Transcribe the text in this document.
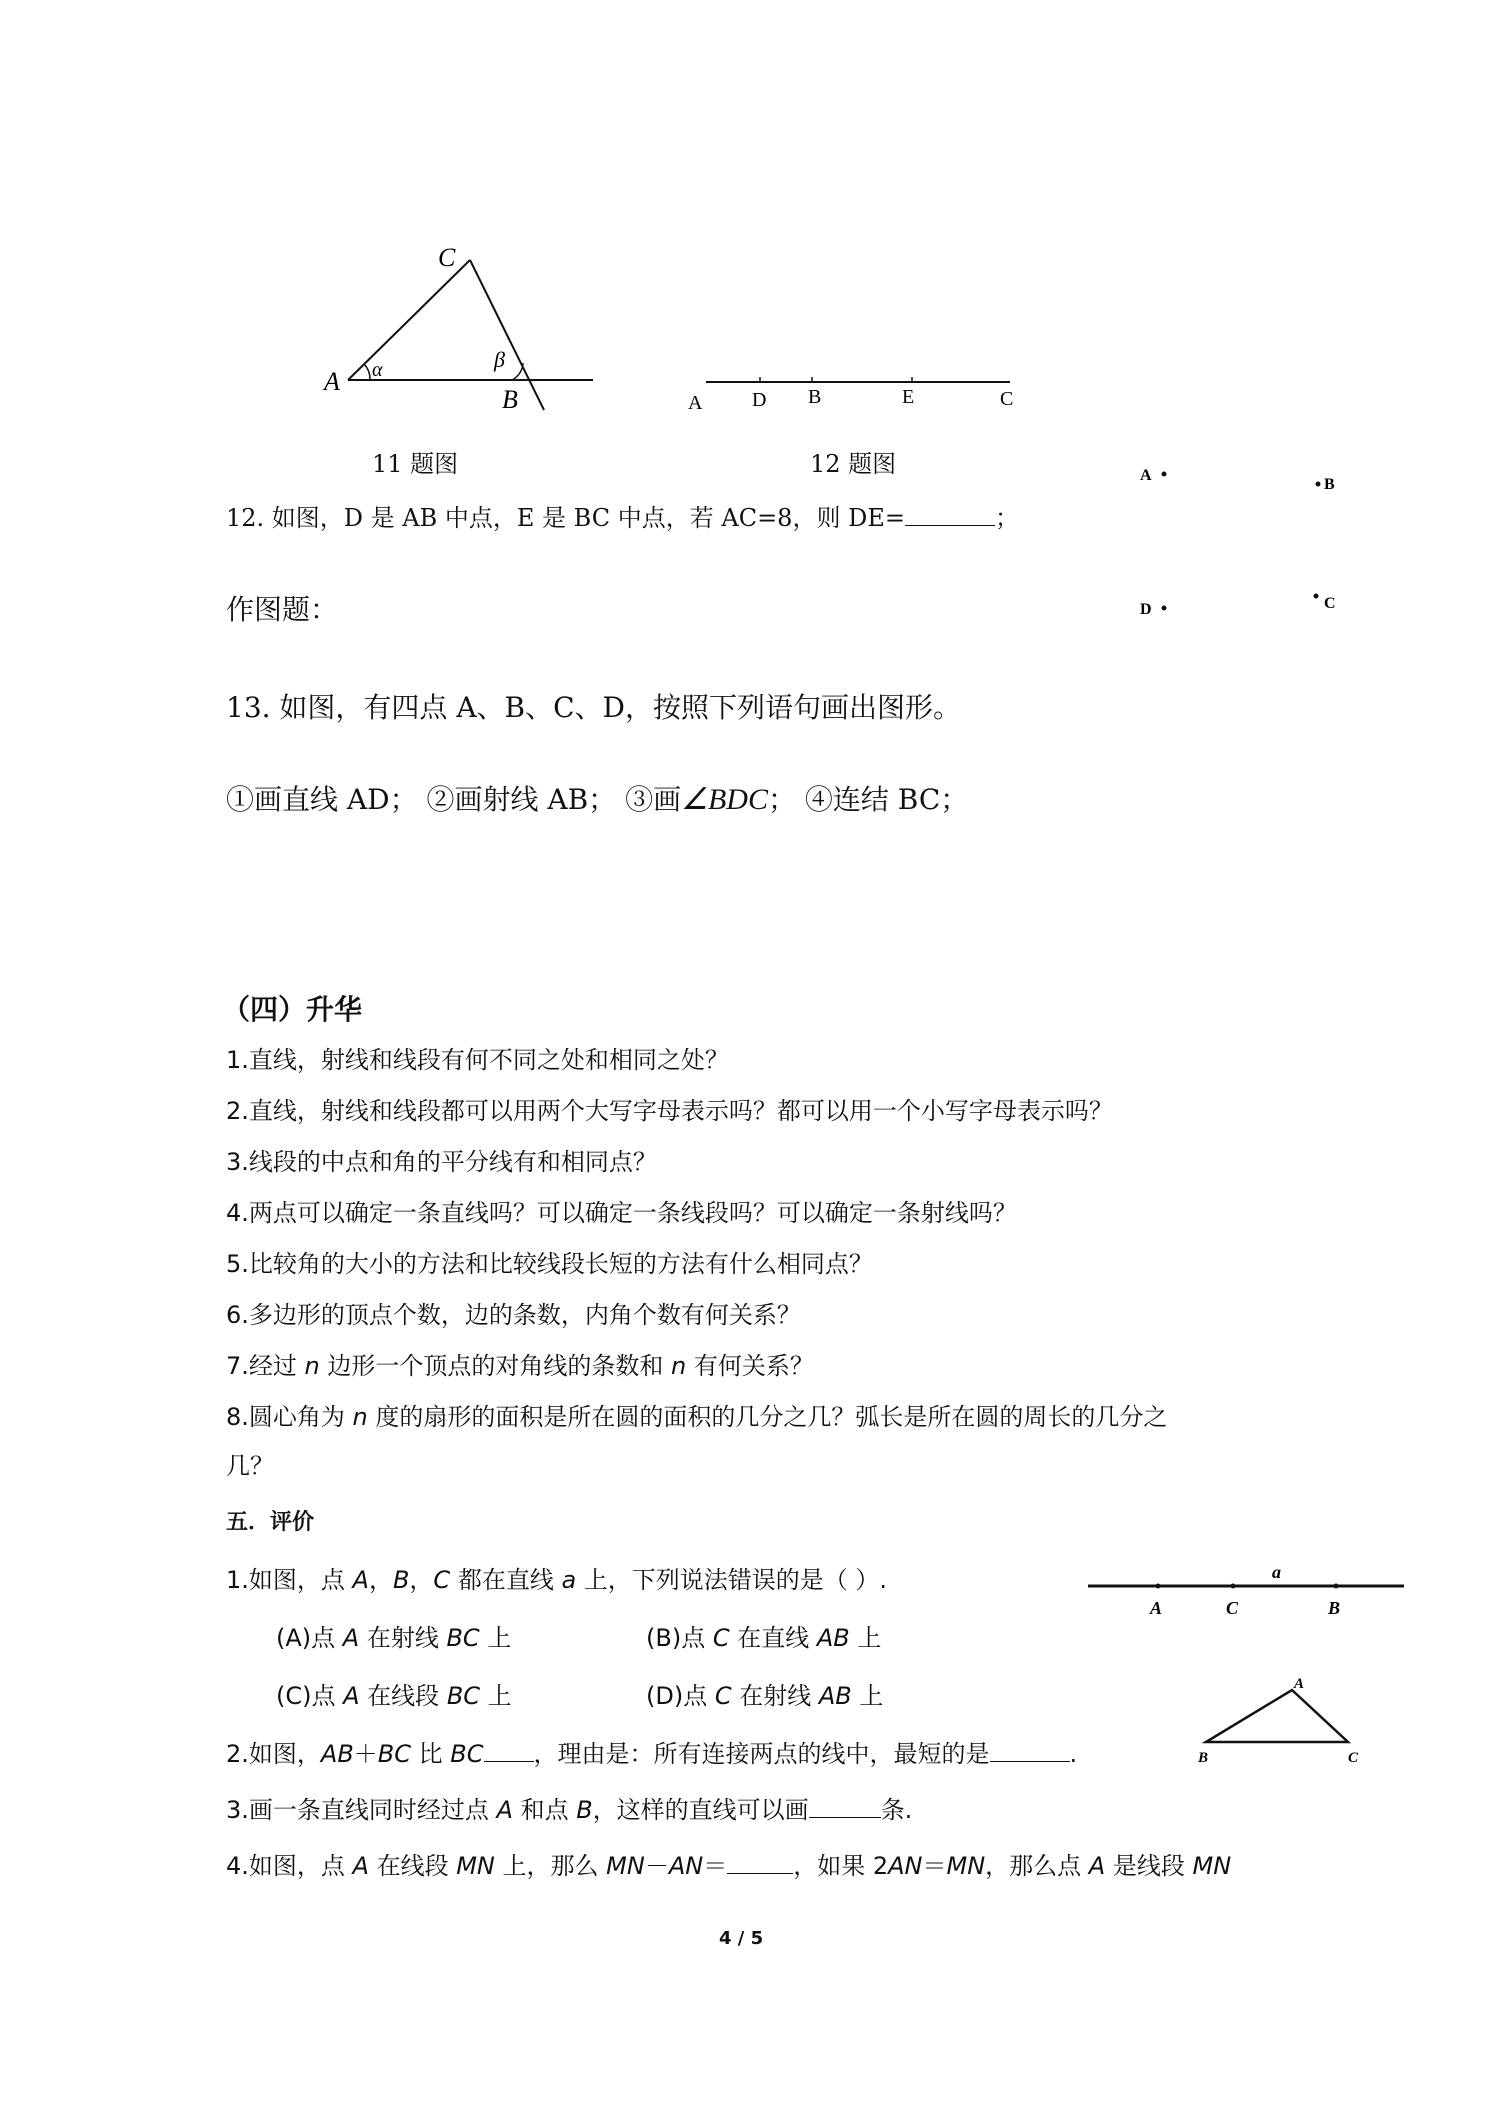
A
B
C
α	β
11 题图
A D B	E	C
12 题图	A
B
D	C
12. 如图，D 是 AB 中点，E 是 BC 中点，若 AC=8，则 DE=	；
作图题：
13. 如图，有四点 A、B、C、D，按照下列语句画出图形。
①画直线 AD； ②画射线 AB； ③画∠BDC； ④连结 BC；
（四）升华
1.直线，射线和线段有何不同之处和相同之处？
2.直线，射线和线段都可以用两个大写字母表示吗？都可以用一个小写字母表示吗？
3.线段的中点和角的平分线有和相同点？
4.两点可以确定一条直线吗？可以确定一条线段吗？可以确定一条射线吗？
5.比较角的大小的方法和比较线段长短的方法有什么相同点？
6.多边形的顶点个数，边的条数，内角个数有何关系？
7.经过 n 边形一个顶点的对角线的条数和 n 有何关系？
8.圆心角为 n 度的扇形的面积是所在圆的面积的几分之几？弧长是所在圆的周长的几分之
几？
五．评价
1.如图，点 A，B，C 都在直线 a 上，下列说法错误的是（ ）.
(A)点 A 在射线 BC 上	(B)点 C 在直线 AB 上
(C)点 A 在线段 BC 上	(D)点 C 在射线 AB 上
2.如图，AB＋BC 比 BC ，理由是：所有连接两点的线中，最短的是	.
3.画一条直线同时经过点 A 和点 B，这样的直线可以画	条.
4.如图，点 A 在线段 MN 上，那么 MN－AN＝	，如果 2AN＝MN，那么点 A 是线段 MN
a
A	C	B
A
B	C
4 / 5
